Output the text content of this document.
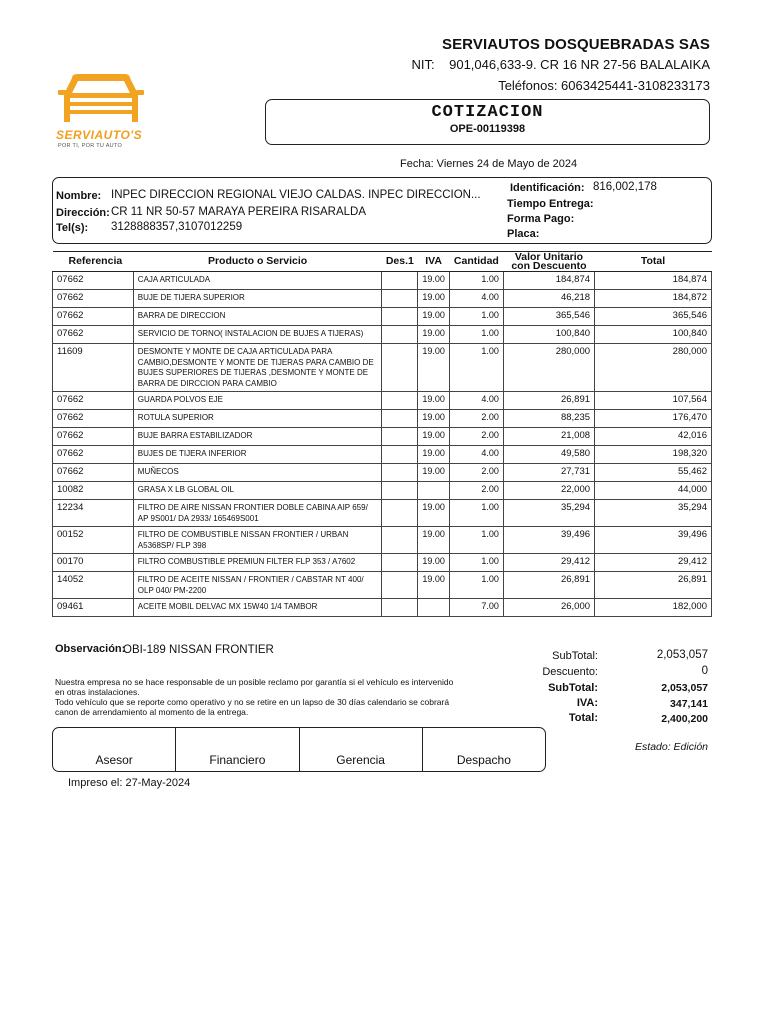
SERVIAUTOS DOSQUEBRADAS SAS
NIT: 901,046,633-9. CR 16 NR 27-56 BALALAIKA
Teléfonos: 6063425441-3108233173
SERVIAUTO'S
POR TI, POR TU AUTO
COTIZACION
OPE-00119398
Fecha: Viernes 24 de Mayo de 2024
Nombre: INPEC DIRECCION REGIONAL VIEJO CALDAS. INPEC DIRECCION...
Dirección: CR 11 NR 50-57 MARAYA PEREIRA RISARALDA
Tel(s): 3128888357,3107012259
Identificación: 816,002,178
Tiempo Entrega:
Forma Pago:
Placa:
Referencia	Producto o Servicio	Des.1	IVA	Cantidad	Valor Unitario
con Descuento	Total
07662	CAJA ARTICULADA		19.00	1.00	184,874	184,874
07662	BUJE DE TIJERA SUPERIOR		19.00	4.00	46,218	184,872
07662	BARRA DE DIRECCION		19.00	1.00	365,546	365,546
07662	SERVICIO DE TORNO( INSTALACION DE BUJES A TIJERAS)		19.00	1.00	100,840	100,840
11609	DESMONTE Y MONTE DE CAJA ARTICULADA PARA CAMBIO,DESMONTE Y MONTE DE TIJERAS PARA CAMBIO DE BUJES SUPERIORES DE TIJERAS ,DESMONTE Y MONTE DE BARRA DE DIRCCION PARA CAMBIO		19.00	1.00	280,000	280,000
07662	GUARDA POLVOS EJE		19.00	4.00	26,891	107,564
07662	ROTULA SUPERIOR		19.00	2.00	88,235	176,470
07662	BUJE BARRA ESTABILIZADOR		19.00	2.00	21,008	42,016
07662	BUJES DE TIJERA INFERIOR		19.00	4.00	49,580	198,320
07662	MUÑECOS		19.00	2.00	27,731	55,462
10082	GRASA X LB GLOBAL OIL			2.00	22,000	44,000
12234	FILTRO DE AIRE NISSAN FRONTIER DOBLE CABINA AIP 659/ AP 9S001/ DA 2933/ 165469S001		19.00	1.00	35,294	35,294
00152	FILTRO DE COMBUSTIBLE NISSAN FRONTIER / URBAN A5368SP/ FLP 398		19.00	1.00	39,496	39,496
00170	FILTRO COMBUSTIBLE PREMIUN FILTER FLP 353 / A7602		19.00	1.00	29,412	29,412
14052	FILTRO DE ACEITE NISSAN / FRONTIER / CABSTAR NT 400/ OLP 040/ PM-2200		19.00	1.00	26,891	26,891
09461	ACEITE MOBIL DELVAC MX 15W40 1/4 TAMBOR			7.00	26,000	182,000
Observación:
OBI-189 NISSAN FRONTIER	SubTotal:	2,053,057
Descuento:	0
SubTotal:	2,053,057
IVA:	347,141
Total:	2,400,200
Nuestra empresa no se hace responsable de un posible reclamo por garantía si el vehículo es intervenido
en otras instalaciones.
Todo vehículo que se reporte como operativo y no se retire en un lapso de 30 días calendario se cobrará
canon de arrendamiento al momento de la entrega.
Asesor	Financiero	Gerencia	Despacho
Estado: Edición
Impreso el: 27-May-2024
